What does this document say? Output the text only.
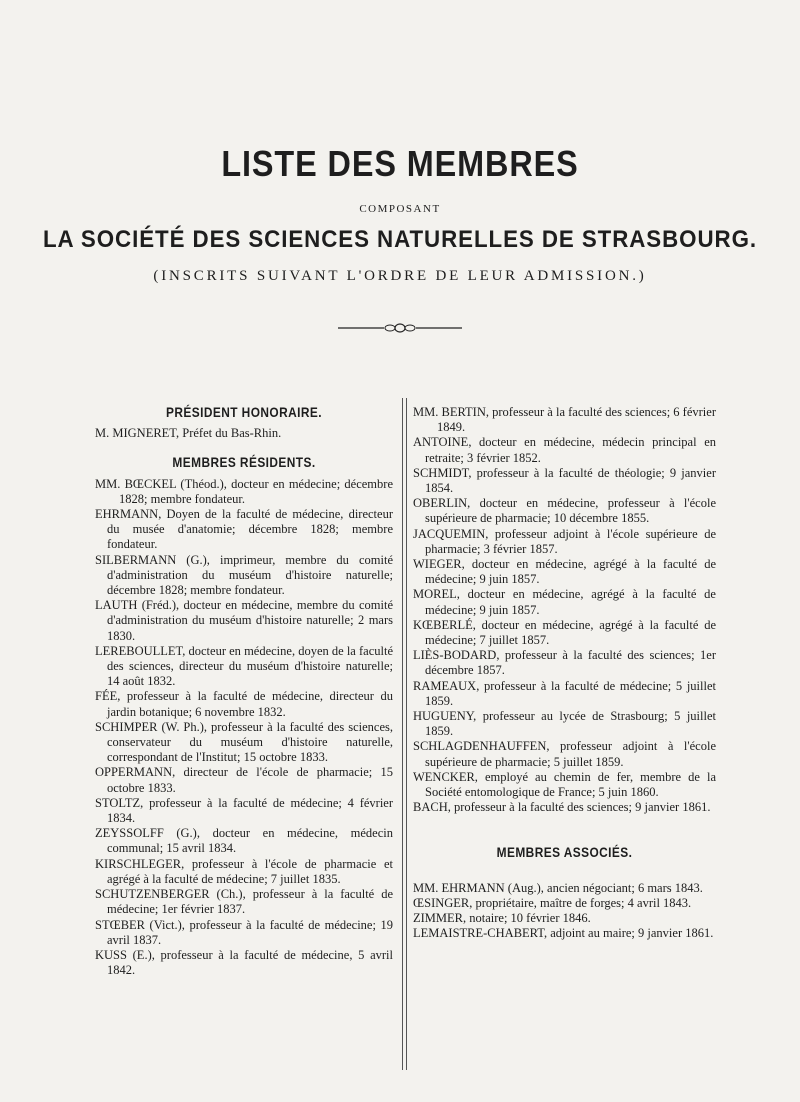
LISTE DES MEMBRES
COMPOSANT
LA SOCIÉTÉ DES SCIENCES NATURELLES DE STRASBOURG.
(INSCRITS SUIVANT L'ORDRE DE LEUR ADMISSION.)
PRÉSIDENT HONORAIRE.

M. MIGNERET, Préfet du Bas-Rhin.

MEMBRES RÉSIDENTS.

MM. BŒCKEL (Théod.), docteur en médecine; décembre 1828; membre fondateur.

EHRMANN, Doyen de la faculté de médecine, directeur du musée d'anatomie; décembre 1828; membre fondateur.

SILBERMANN (G.), imprimeur, membre du comité d'administration du muséum d'histoire naturelle; décembre 1828; membre fondateur.

LAUTH (Fréd.), docteur en médecine, membre du comité d'administration du muséum d'histoire naturelle; 2 mars 1830.

LEREBOULLET, docteur en médecine, doyen de la faculté des sciences, directeur du muséum d'histoire naturelle; 14 août 1832.

FÉE, professeur à la faculté de médecine, directeur du jardin botanique; 6 novembre 1832.

SCHIMPER (W. Ph.), professeur à la faculté des sciences, conservateur du muséum d'histoire naturelle, correspondant de l'Institut; 15 octobre 1833.

OPPERMANN, directeur de l'école de pharmacie; 15 octobre 1833.

STOLTZ, professeur à la faculté de médecine; 4 février 1834.

ZEYSSOLFF (G.), docteur en médecine, médecin communal; 15 avril 1834.

KIRSCHLEGER, professeur à l'école de pharmacie et agrégé à la faculté de médecine; 7 juillet 1835.

SCHUTZENBERGER (Ch.), professeur à la faculté de médecine; 1er février 1837.

STŒBER (Vict.), professeur à la faculté de médecine; 19 avril 1837.

KUSS (E.), professeur à la faculté de médecine, 5 avril 1842.

MM. BERTIN, professeur à la faculté des sciences; 6 février 1849.

ANTOINE, docteur en médecine, médecin principal en retraite; 3 février 1852.

SCHMIDT, professeur à la faculté de théologie; 9 janvier 1854.

OBERLIN, docteur en médecine, professeur à l'école supérieure de pharmacie; 10 décembre 1855.

JACQUEMIN, professeur adjoint à l'école supérieure de pharmacie; 3 février 1857.

WIEGER, docteur en médecine, agrégé à la faculté de médecine; 9 juin 1857.

MOREL, docteur en médecine, agrégé à la faculté de médecine; 9 juin 1857.

KŒBERLÉ, docteur en médecine, agrégé à la faculté de médecine; 7 juillet 1857.

LIÈS-BODARD, professeur à la faculté des sciences; 1er décembre 1857.

RAMEAUX, professeur à la faculté de médecine; 5 juillet 1859.

HUGUENY, professeur au lycée de Strasbourg; 5 juillet 1859.

SCHLAGDENHAUFFEN, professeur adjoint à l'école supérieure de pharmacie; 5 juillet 1859.

WENCKER, employé au chemin de fer, membre de la Société entomologique de France; 5 juin 1860.

BACH, professeur à la faculté des sciences; 9 janvier 1861.

MEMBRES ASSOCIÉS.

MM. EHRMANN (Aug.), ancien négociant; 6 mars 1843.

ŒSINGER, propriétaire, maître de forges; 4 avril 1843.

ZIMMER, notaire; 10 février 1846.

LEMAISTRE-CHABERT, adjoint au maire; 9 janvier 1861.
